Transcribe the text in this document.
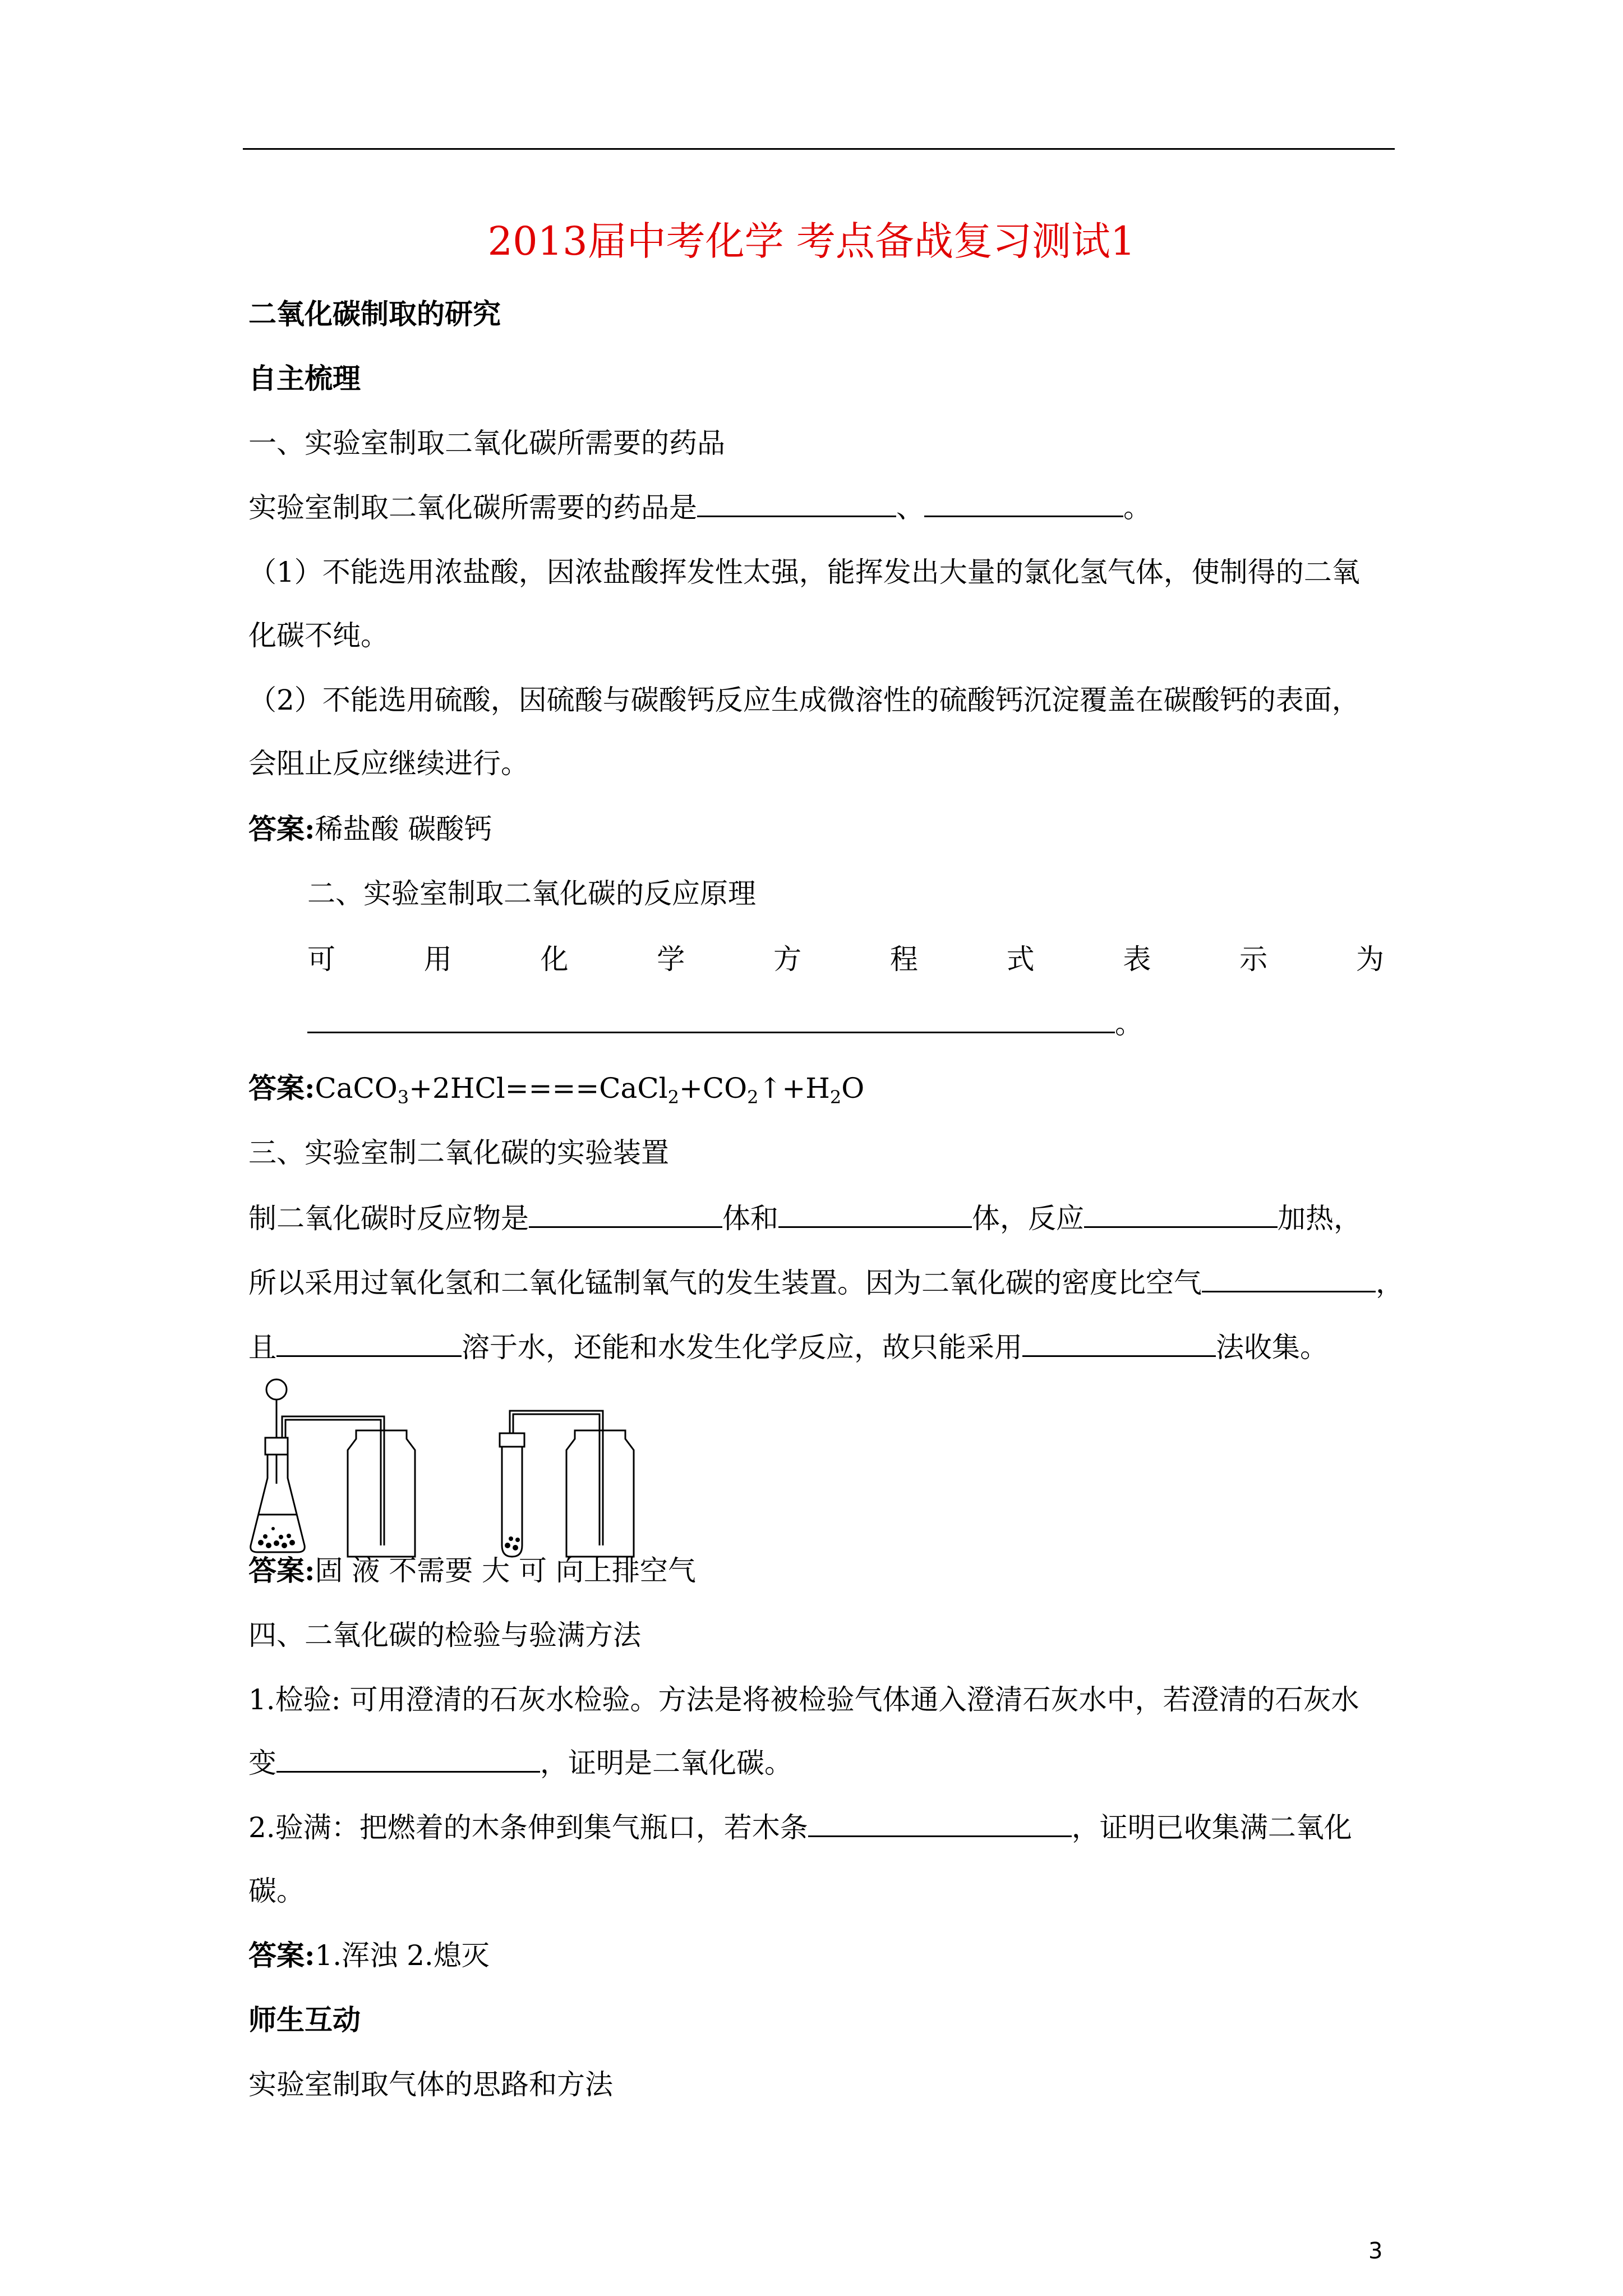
2013届中考化学 考点备战复习测试1
二氧化碳制取的研究
自主梳理
一、实验室制取二氧化碳所需要的药品
实验室制取二氧化碳所需要的药品是	、	。
（1）不能选用浓盐酸，因浓盐酸挥发性太强，能挥发出大量的氯化氢气体，使制得的二氧
化碳不纯。
（2）不能选用硫酸，因硫酸与碳酸钙反应生成微溶性的硫酸钙沉淀覆盖在碳酸钙的表面，
会阻止反应继续进行。
答案:稀盐酸 碳酸钙
二、实验室制取二氧化碳的反应原理
可	用	化	学	方	程	式	表	示	为
。
答案$:CaCO_3+2HCl====CaCl_2+CO_2↑+H_2O$
三、实验室制二氧化碳的实验装置
制二氧化碳时反应物是	体和	体，反应	加热，
所以采用过氧化氢和二氧化锰制氧气的发生装置。因为二氧化碳的密度比空气	，
且	溶于水，还能和水发生化学反应，故只能采用	法收集。
答案:固 液 不需要 大 可 向上排空气
四、二氧化碳的检验与验满方法
1.检验: 可用澄清的石灰水检验。方法是将被检验气体通入澄清石灰水中，若澄清的石灰水
变	，证明是二氧化碳。
2.验满：把燃着的木条伸到集气瓶口，若木条	，证明已收集满二氧化
碳。
答案:1.浑浊 2.熄灭
师生互动
实验室制取气体的思路和方法
3
